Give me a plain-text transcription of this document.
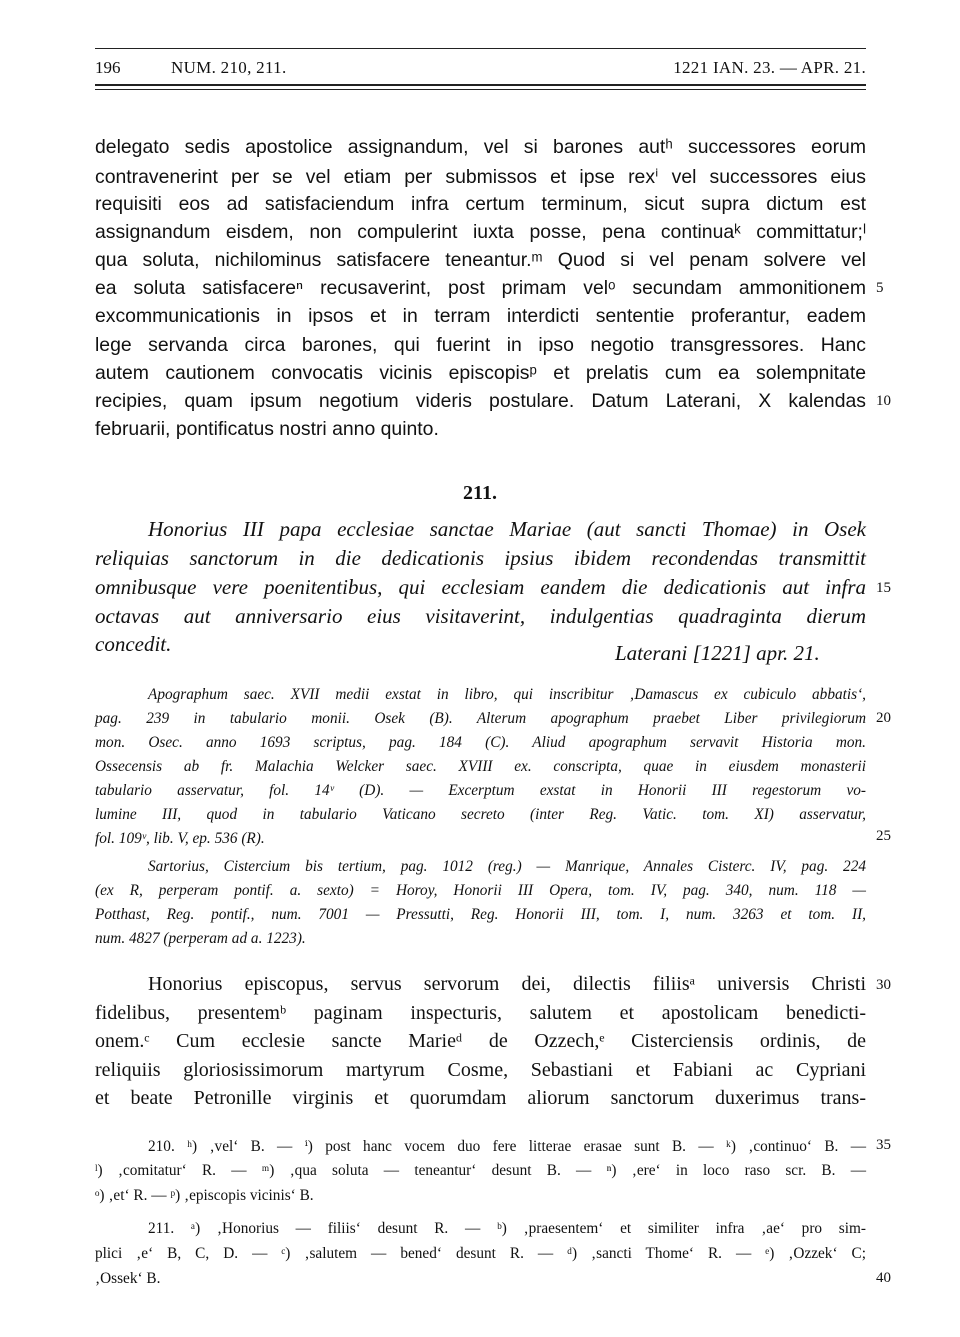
196	NUM. 210, 211.	1221 IAN. 23. — APR. 21.
delegato sedis apostolice assignandum, vel si barones autʰ successores eorum
contravenerint per se vel etiam per submissos et ipse rexⁱ vel successores eius
requisiti eos ad satisfaciendum infra certum terminum, sicut supra dictum est
assignandum eisdem, non compulerint iuxta posse, pena continuaᵏ committatur;ˡ
qua soluta, nichilominus satisfacere teneantur.ᵐ Quod si vel penam solvere vel
ea soluta satisfacereⁿ recusaverint, post primam velᵒ secundam ammonitionem
excommunicationis in ipsos et in terram interdicti sententie proferantur, eadem
lege servanda circa barones, qui fuerint in ipso negotio transgressores. Hanc
autem cautionem convocatis vicinis episcopisᵖ et prelatis cum ea solempnitate
recipies, quam ipsum negotium videris postulare. Datum Laterani, X kalendas
februarii, pontificatus nostri anno quinto.
211.
Honorius III papa ecclesiae sanctae Mariae (aut sancti Thomae) in Osek
reliquias sanctorum in die dedicationis ipsius ibidem recondendas transmittit
omnibusque vere poenitentibus, qui ecclesiam eandem die dedicationis aut infra
octavas aut anniversario eius visitaverint, indulgentias quadraginta dierum
concedit.	Laterani [1221] apr. 21.
Apographum saec. XVII medii exstat in libro, qui inscribitur ‚Damascus ex cubiculo abbatis‘,
pag. 239 in tabulario monii. Osek (B). Alterum apographum praebet Liber privilegiorum
mon. Osec. anno 1693 scriptus, pag. 184 (C). Aliud apographum servavit Historia mon.
Ossecensis ab fr. Malachia Welcker saec. XVIII ex. conscripta, quae in eiusdem monasterii
tabulario asservatur, fol. 14ᵛ (D). — Excerptum exstat in Honorii III regestorum vo-
lumine III, quod in tabulario Vaticano secreto (inter Reg. Vatic. tom. XI) asservatur,
fol. 109ᵛ, lib. V, ep. 536 (R).
Sartorius, Cistercium bis tertium, pag. 1012 (reg.) — Manrique, Annales Cisterc. IV, pag. 224
(ex R, perperam pontif. a. sexto) = Horoy, Honorii III Opera, tom. IV, pag. 340, num. 118 —
Potthast, Reg. pontif., num. 7001 — Pressutti, Reg. Honorii III, tom. I, num. 3263 et tom. II,
num. 4827 (perperam ad a. 1223).
Honorius episcopus, servus servorum dei, dilectis filiisᵃ universis Christi
fidelibus, presentemᵇ paginam inspecturis, salutem et apostolicam benedicti-
onem.ᶜ Cum ecclesie sancte Marieᵈ de Ozzech,ᵉ Cisterciensis ordinis, de
reliquiis gloriosissimorum martyrum Cosme, Sebastiani et Fabiani ac Cypriani
et beate Petronille virginis et quorumdam aliorum sanctorum duxerimus trans-
210. ʰ) ‚vel‘ B. — ⁱ) post hanc vocem duo fere litterae erasae sunt B. — ᵏ) ‚continuo‘ B. —
ˡ) ‚comitatur‘ R. — ᵐ) ‚qua soluta — teneantur‘ desunt B. — ⁿ) ‚ere‘ in loco raso scr. B. —
ᵒ) ‚et‘ R. — ᵖ) ‚episcopis vicinis‘ B.
211. ᵃ) ‚Honorius — filiis‘ desunt R. — ᵇ) ‚praesentem‘ et similiter infra ‚ae‘ pro sim-
plici ‚e‘ B, C, D. — ᶜ) ‚salutem — bened‘ desunt R. — ᵈ) ‚sancti Thome‘ R. — ᵉ) ‚Ozzek‘ C;
‚Ossek‘ B.
5
10
15
20
25
30
35
40
